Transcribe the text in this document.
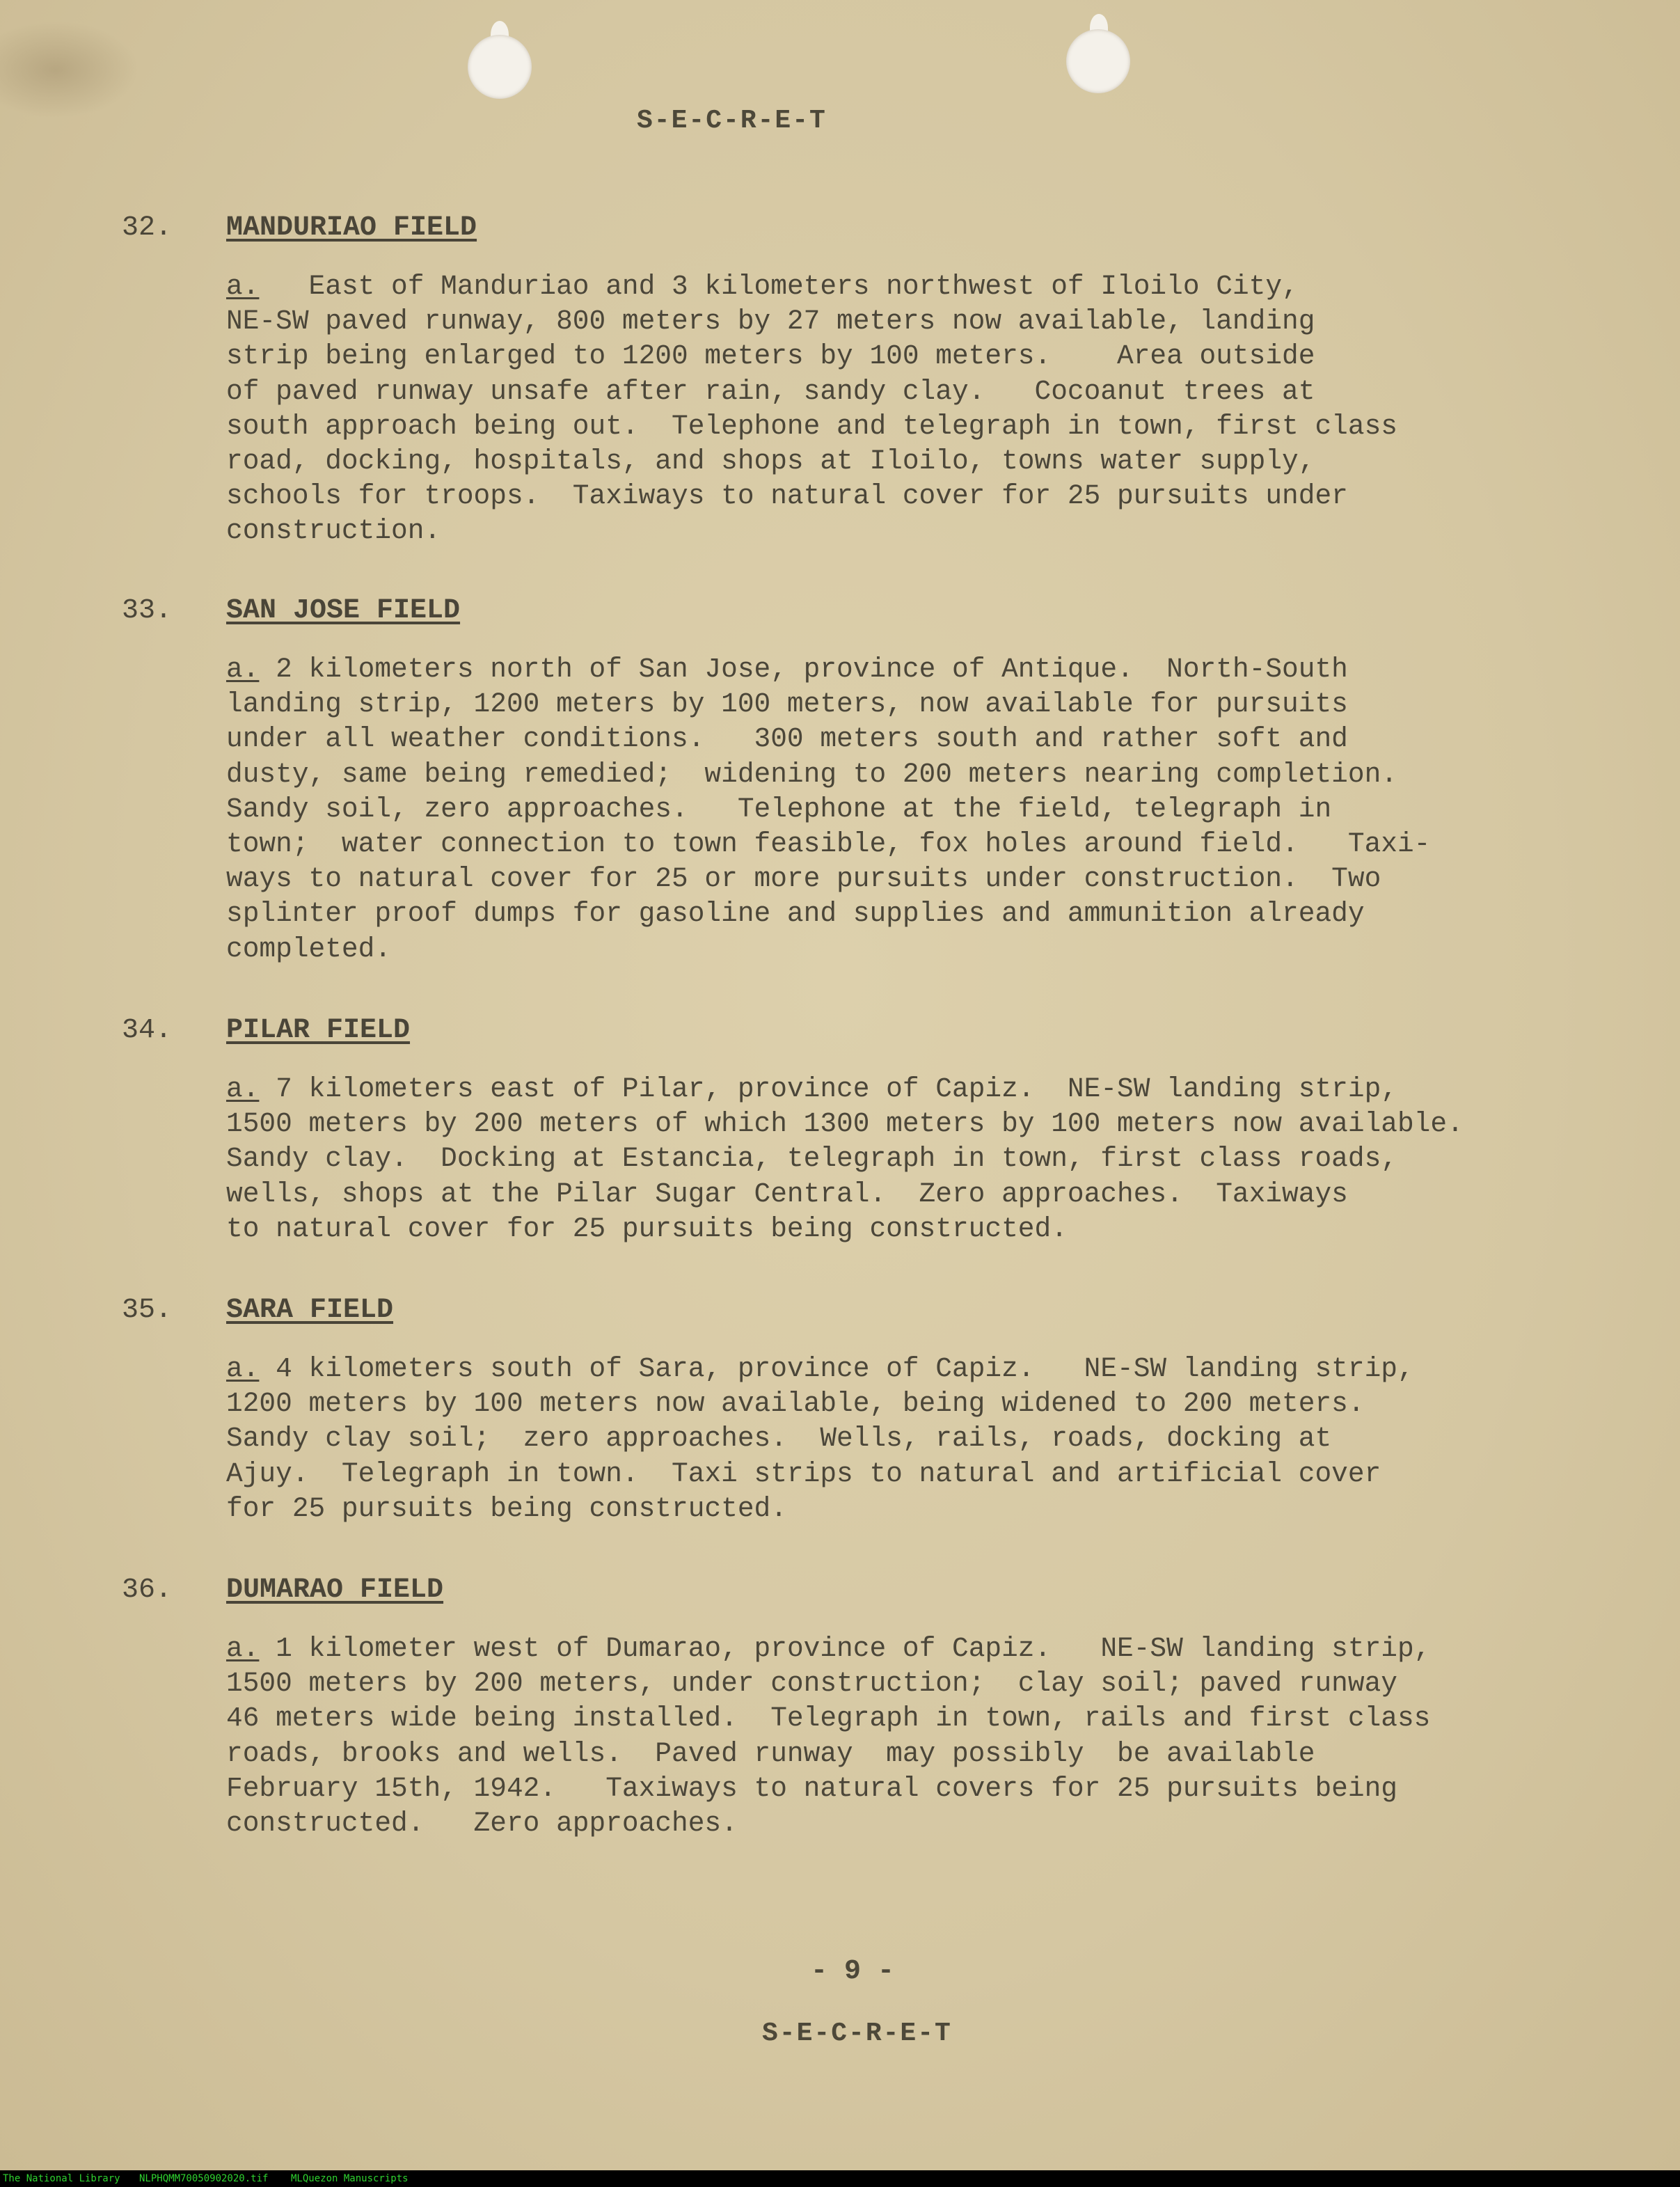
S-E-C-R-E-T
32. MANDURIAO FIELD
a.   East of Manduriao and 3 kilometers northwest of Iloilo City,
NE-SW paved runway, 800 meters by 27 meters now available, landing
strip being enlarged to 1200 meters by 100 meters.    Area outside
of paved runway unsafe after rain, sandy clay.   Cocoanut trees at
south approach being out.  Telephone and telegraph in town, first class
road, docking, hospitals, and shops at Iloilo, towns water supply,
schools for troops.  Taxiways to natural cover for 25 pursuits under
construction.
33. SAN JOSE FIELD
a. 2 kilometers north of San Jose, province of Antique.  North-South
landing strip, 1200 meters by 100 meters, now available for pursuits
under all weather conditions.   300 meters south and rather soft and
dusty, same being remedied;  widening to 200 meters nearing completion.
Sandy soil, zero approaches.   Telephone at the field, telegraph in
town;  water connection to town feasible, fox holes around field.   Taxi-
ways to natural cover for 25 or more pursuits under construction.  Two
splinter proof dumps for gasoline and supplies and ammunition already
completed.
34. PILAR FIELD
a. 7 kilometers east of Pilar, province of Capiz.  NE-SW landing strip,
1500 meters by 200 meters of which 1300 meters by 100 meters now available.
Sandy clay.  Docking at Estancia, telegraph in town, first class roads,
wells, shops at the Pilar Sugar Central.  Zero approaches.  Taxiways
to natural cover for 25 pursuits being constructed.
35. SARA FIELD
a. 4 kilometers south of Sara, province of Capiz.   NE-SW landing strip,
1200 meters by 100 meters now available, being widened to 200 meters.
Sandy clay soil;  zero approaches.  Wells, rails, roads, docking at
Ajuy.  Telegraph in town.  Taxi strips to natural and artificial cover
for 25 pursuits being constructed.
36. DUMARAO FIELD
a. 1 kilometer west of Dumarao, province of Capiz.   NE-SW landing strip,
1500 meters by 200 meters, under construction;  clay soil; paved runway
46 meters wide being installed.  Telegraph in town, rails and first class
roads, brooks and wells.  Paved runway  may possibly  be available
February 15th, 1942.   Taxiways to natural covers for 25 pursuits being
constructed.   Zero approaches.
- 9 -
S-E-C-R-E-T
The National Library NLPHQMM70050902020.tif MLQuezon Manuscripts
